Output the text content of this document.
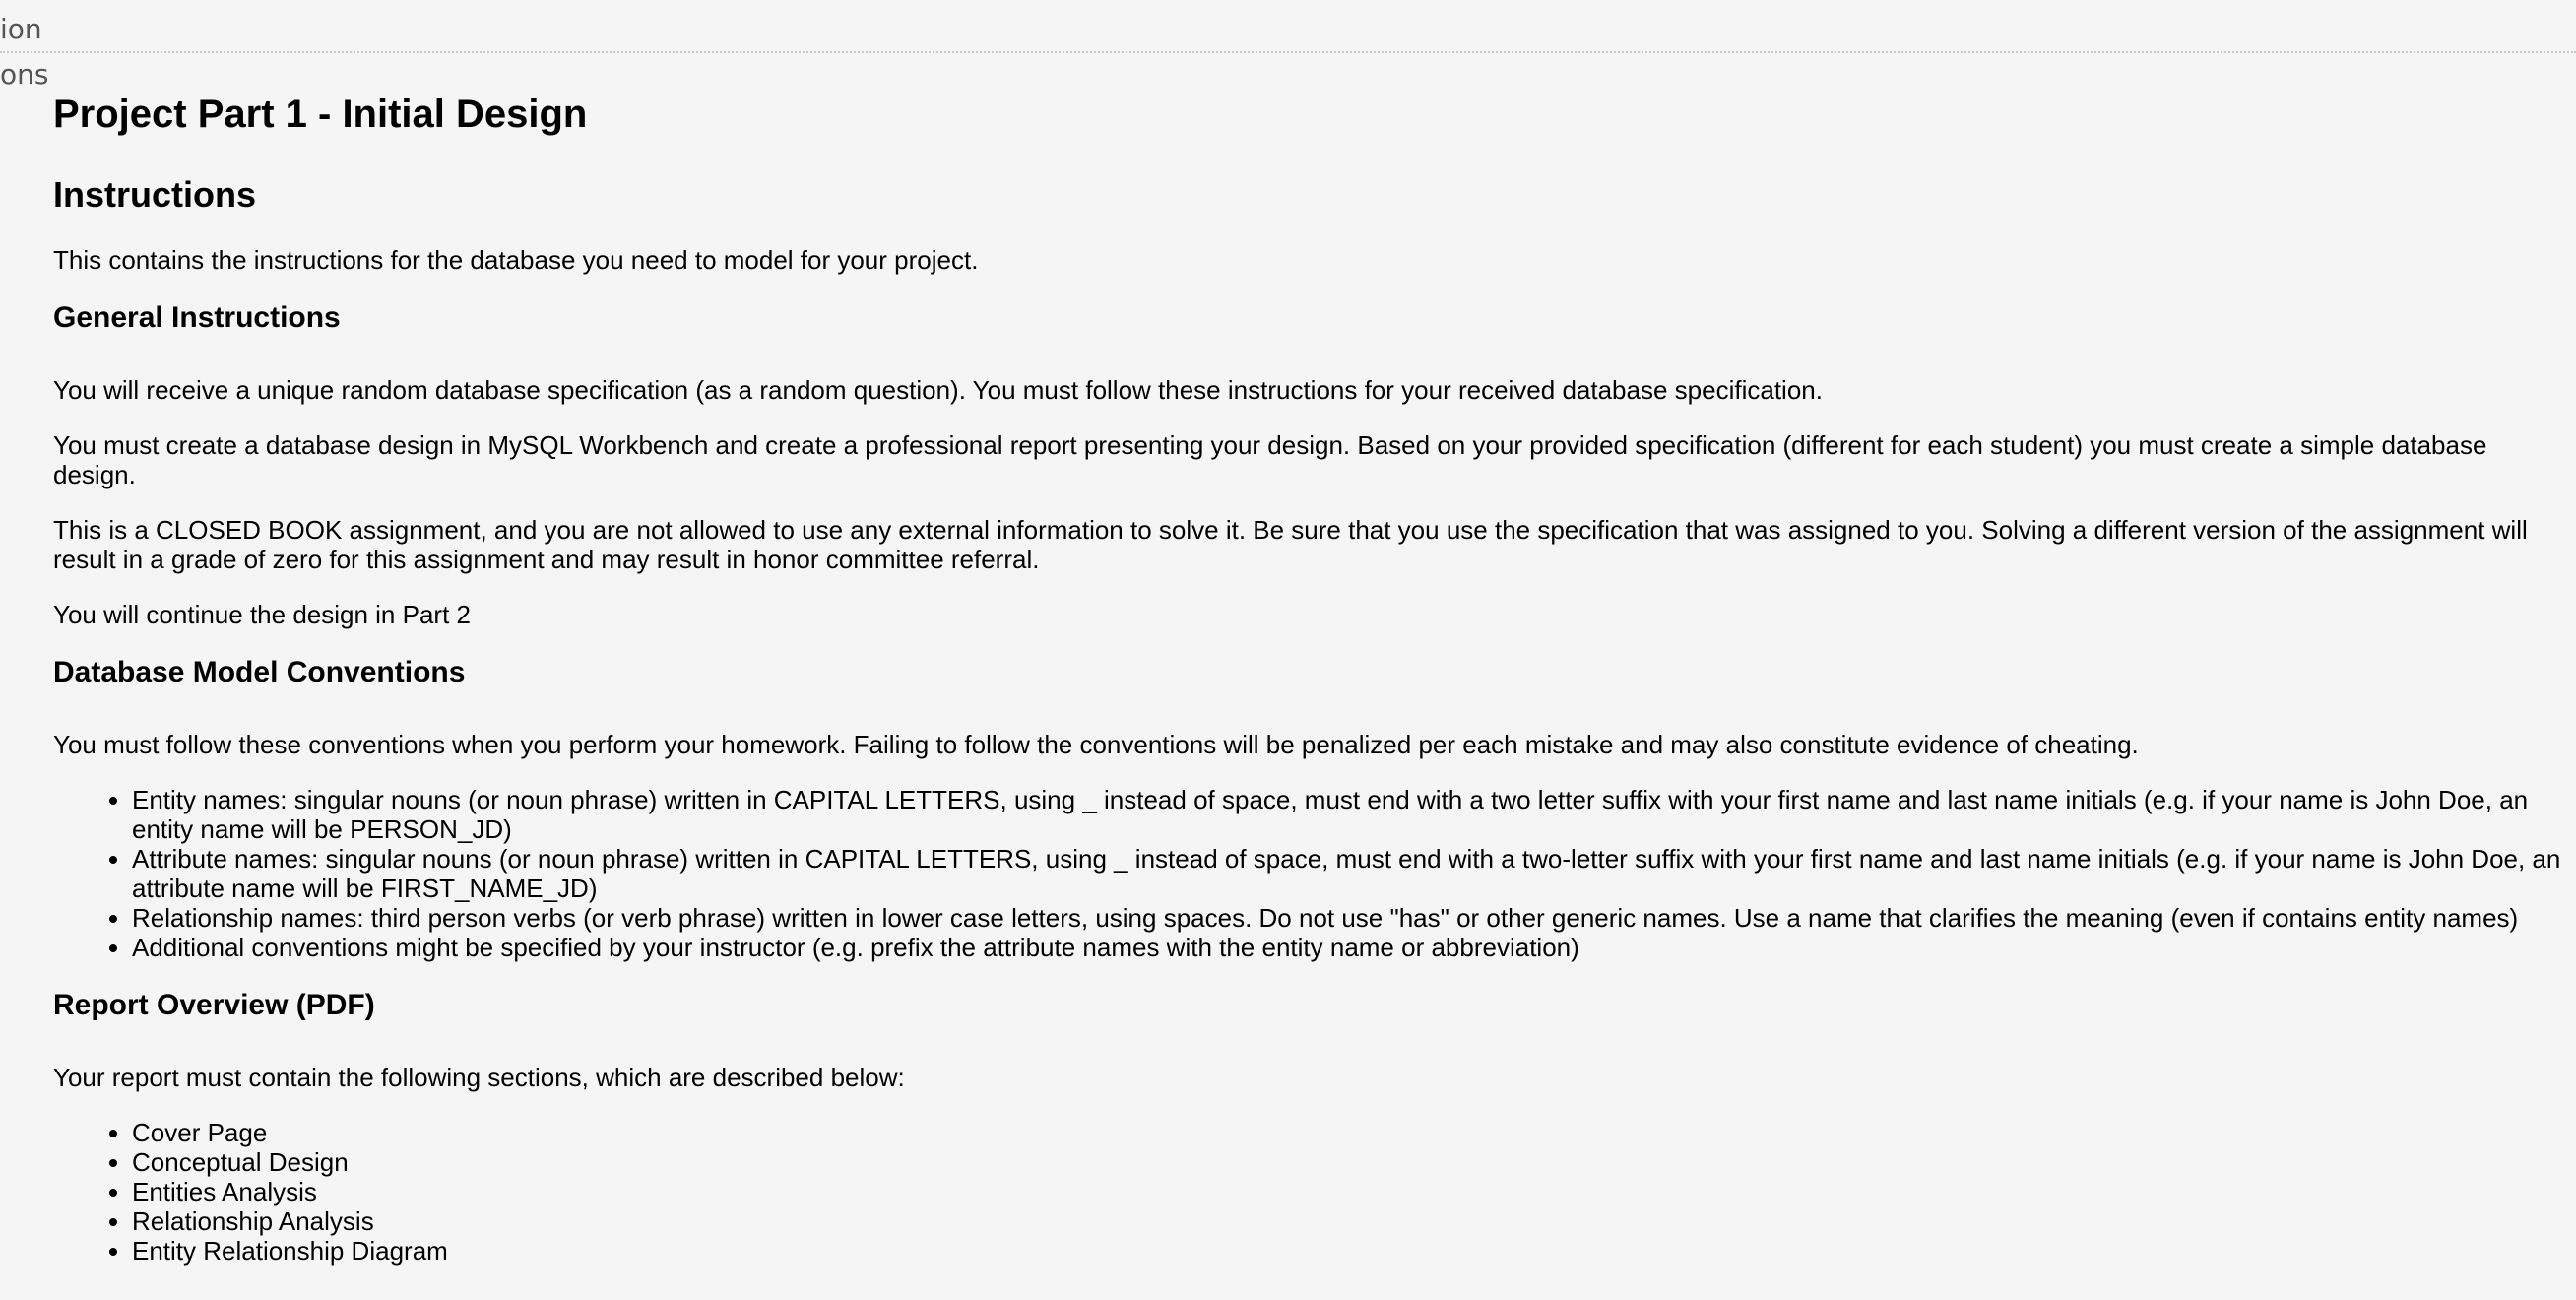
ion
ons
Project Part 1 - Initial Design
Instructions

This contains the instructions for the database you need to model for your project.

General Instructions

You will receive a unique random database specification (as a random question). You must follow these instructions for your received database specification.

You must create a database design in MySQL Workbench and create a professional report presenting your design. Based on your provided specification (different for each student) you must create a simple database design.

This is a CLOSED BOOK assignment, and you are not allowed to use any external information to solve it. Be sure that you use the specification that was assigned to you. Solving a different version of the assignment will result in a grade of zero for this assignment and may result in honor committee referral.

You will continue the design in Part 2

Database Model Conventions

You must follow these conventions when you perform your homework. Failing to follow the conventions will be penalized per each mistake and may also constitute evidence of cheating.

• Entity names: singular nouns (or noun phrase) written in CAPITAL LETTERS, using _ instead of space, must end with a two letter suffix with your first name and last name initials (e.g. if your name is John Doe, an entity name will be PERSON_JD)
• Attribute names: singular nouns (or noun phrase) written in CAPITAL LETTERS, using _ instead of space, must end with a two-letter suffix with your first name and last name initials (e.g. if your name is John Doe, an attribute name will be FIRST_NAME_JD)
• Relationship names: third person verbs (or verb phrase) written in lower case letters, using spaces. Do not use "has" or other generic names. Use a name that clarifies the meaning (even if contains entity names)
• Additional conventions might be specified by your instructor (e.g. prefix the attribute names with the entity name or abbreviation)
Report Overview (PDF)

Your report must contain the following sections, which are described below:

• Cover Page
• Conceptual Design
• Entities Analysis
• Relationship Analysis
• Entity Relationship Diagram
